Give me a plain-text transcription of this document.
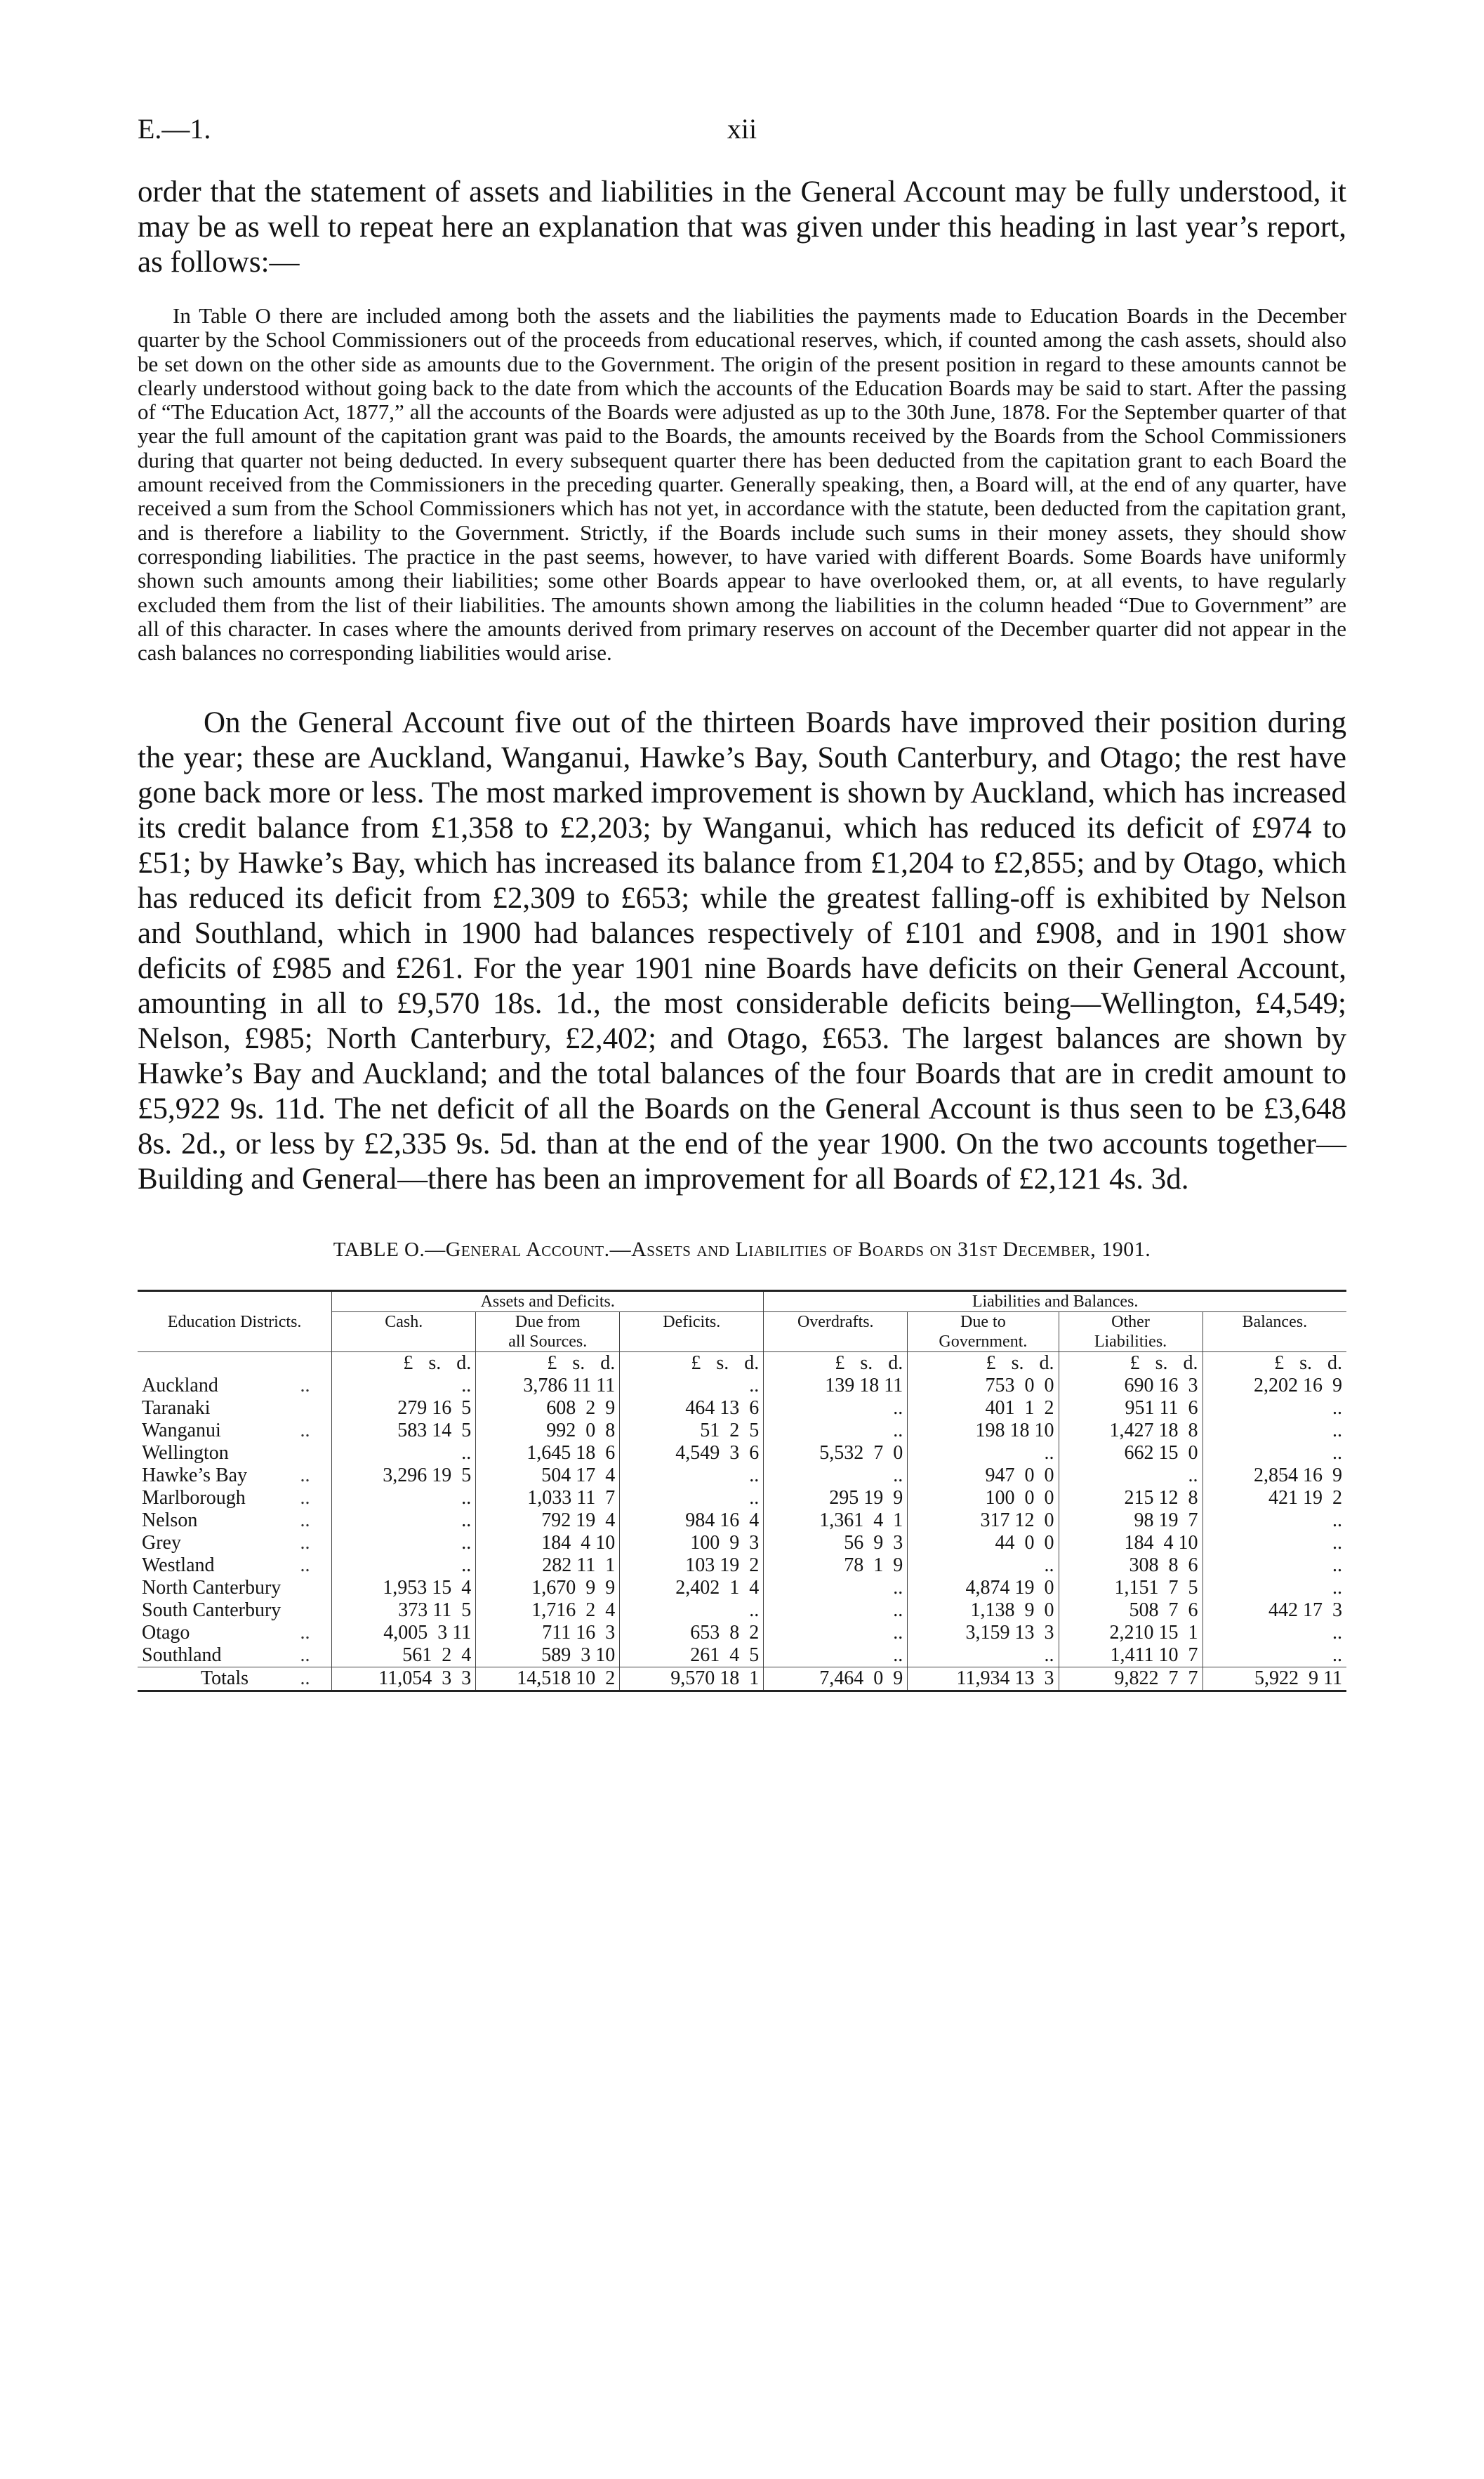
E.—1.	xii

order that the statement of assets and liabilities in the General Account may be fully understood, it may be as well to repeat here an explanation that was given under this heading in last year’s report, as follows:—

In Table O there are included among both the assets and the liabilities the payments made to Education Boards in the December quarter by the School Commissioners out of the proceeds from educational reserves, which, if counted among the cash assets, should also be set down on the other side as amounts due to the Government. The origin of the present position in regard to these amounts cannot be clearly understood without going back to the date from which the accounts of the Education Boards may be said to start. After the passing of “The Education Act, 1877,” all the accounts of the Boards were adjusted as up to the 30th June, 1878. For the September quarter of that year the full amount of the capitation grant was paid to the Boards, the amounts received by the Boards from the School Commissioners during that quarter not being deducted. In every subsequent quarter there has been deducted from the capitation grant to each Board the amount received from the Commissioners in the preceding quarter. Generally speaking, then, a Board will, at the end of any quarter, have received a sum from the School Commissioners which has not yet, in accordance with the statute, been deducted from the capitation grant, and is therefore a liability to the Government. Strictly, if the Boards include such sums in their money assets, they should show corresponding liabilities. The practice in the past seems, however, to have varied with different Boards. Some Boards have uniformly shown such amounts among their liabilities; some other Boards appear to have overlooked them, or, at all events, to have regularly excluded them from the list of their liabilities. The amounts shown among the liabilities in the column headed “Due to Government” are all of this character. In cases where the amounts derived from primary reserves on account of the December quarter did not appear in the cash balances no corresponding liabilities would arise.

On the General Account five out of the thirteen Boards have improved their position during the year; these are Auckland, Wanganui, Hawke’s Bay, South Canterbury, and Otago; the rest have gone back more or less. The most marked improvement is shown by Auckland, which has increased its credit balance from £1,358 to £2,203; by Wanganui, which has reduced its deficit of £974 to £51; by Hawke’s Bay, which has increased its balance from £1,204 to £2,855; and by Otago, which has reduced its deficit from £2,309 to £653; while the greatest falling-off is exhibited by Nelson and Southland, which in 1900 had balances respectively of £101 and £908, and in 1901 show deficits of £985 and £261. For the year 1901 nine Boards have deficits on their General Account, amounting in all to £9,570 18s. 1d., the most considerable deficits being—Wellington, £4,549; Nelson, £985; North Canterbury, £2,402; and Otago, £653. The largest balances are shown by Hawke’s Bay and Auckland; and the total balances of the four Boards that are in credit amount to £5,922 9s. 11d. The net deficit of all the Boards on the General Account is thus seen to be £3,648 8s. 2d., or less by £2,335 9s. 5d. than at the end of the year 1900. On the two accounts together—Building and General—there has been an improvement for all Boards of £2,121 4s. 3d.

TABLE O.—General Account.—Assets and Liabilities of Boards on 31st December, 1901.

Education Districts.		Assets and Deficits.			Liabilities and Balances.			
		Cash.	Due from
all Sources.	Deficits.	Overdrafts.	Due to
Government.	Other
Liabilities.	Balances.
		£ s. d.	£ s. d.	£ s. d.	£ s. d.	£ s. d.	£ s. d.	£ s. d.
Auckland	..	..	3,786 11 11	..	139 18 11	753  0  0	690 16  3	2,202 16  9
Taranaki		279 16  5	608  2  9	464 13  6	..	401  1  2	951 11  6	..
Wanganui	..	583 14  5	992  0  8	51  2  5	..	198 18 10	1,427 18  8	..
Wellington		..	1,645 18  6	4,549  3  6	5,532  7  0	..	662 15  0	..
Hawke’s Bay	..	3,296 19  5	504 17  4	..	..	947  0  0	..	2,854 16  9
Marlborough	..	..	1,033 11  7	..	295 19  9	100  0  0	215 12  8	421 19  2
Nelson	..	..	792 19  4	984 16  4	1,361  4  1	317 12  0	98 19  7	..
Grey	..	..	184  4 10	100  9  3	56  9  3	44  0  0	184  4 10	..
Westland	..	..	282 11  1	103 19  2	78  1  9	..	308  8  6	..
North Canterbury		1,953 15  4	1,670  9  9	2,402  1  4	..	4,874 19  0	1,151  7  5	..
South Canterbury		373 11  5	1,716  2  4	..	..	1,138  9  0	508  7  6	442 17  3
Otago	..	4,005  3 11	711 16  3	653  8  2	..	3,159 13  3	2,210 15  1	..
Southland	..	561  2  4	589  3 10	261  4  5	..	..	1,411 10  7	..
Totals	..	11,054  3  3	14,518 10  2	9,570 18  1	7,464  0  9	11,934 13  3	9,822  7  7	5,922  9 11
